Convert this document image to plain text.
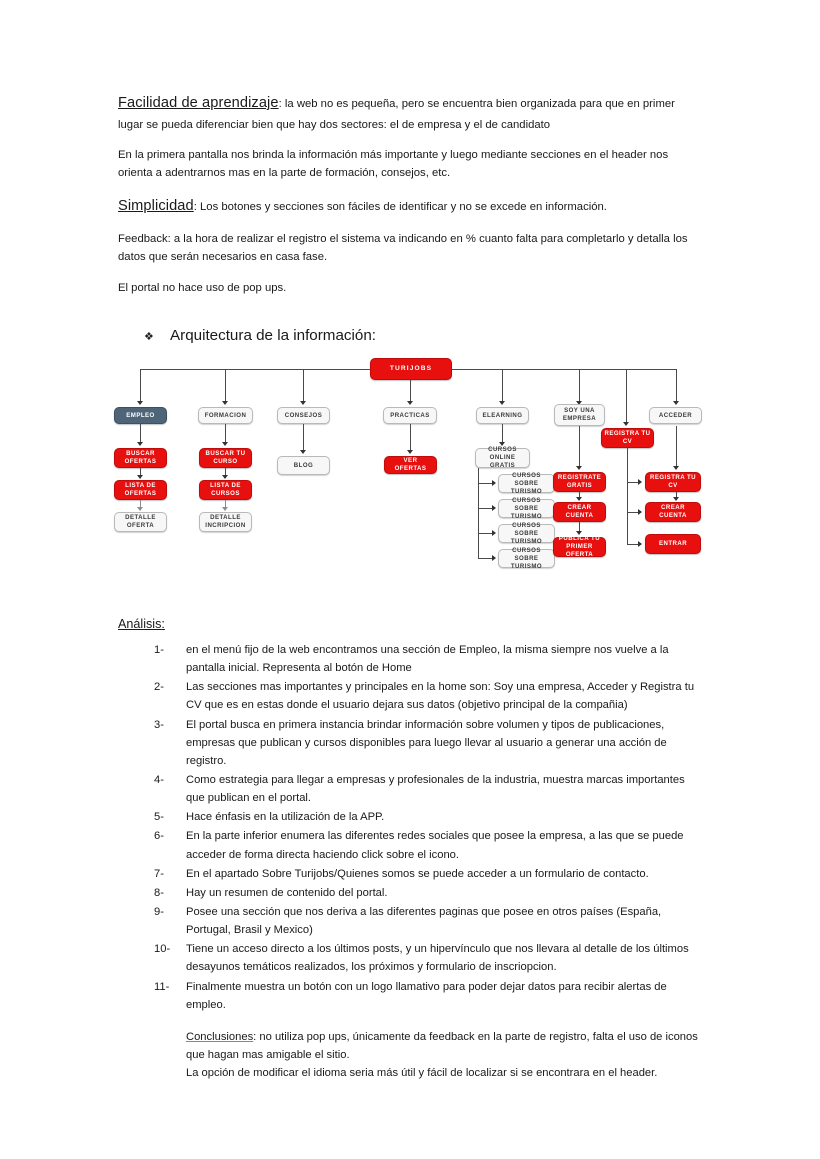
Facilidad de aprendizaje: la web no es pequeña, pero se encuentra bien organizada para que en primer lugar se pueda diferenciar bien que hay dos sectores: el de empresa y el de candidato

En la primera pantalla nos brinda la información más importante y luego mediante secciones en el header nos orienta a adentrarnos mas en la parte de formación, consejos, etc.

Simplicidad: Los botones y secciones son fáciles de identificar y no se excede en información.

Feedback: a la hora de realizar el registro el sistema va indicando en % cuanto falta para completarlo y detalla los datos que serán necesarios en casa fase.

El portal no hace uso de pop ups.

❖	Arquitectura de la información:
TURIJOBS
EMPLEO	FORMACION	CONSEJOS	PRACTICAS	ELEARNING
SOY UNA EMPRESA
ACCEDER
BUSCAR OFERTAS
LISTA DE OFERTAS
DETALLE OFERTA
BUSCAR TU CURSO
LISTA DE CURSOS
DETALLE INCRIPCION
BLOG
VER OFERTAS
CURSOS ONLINE GRATIS
CURSOS SOBRE TURISMO
CURSOS SOBRE TURISMO
CURSOS SOBRE TURISMO
CURSOS SOBRE TURISMO
REGISTRATE GRATIS
CREAR CUENTA
PUBLICA TU PRIMER OFERTA
REGISTRA TU CV
REGISTRA TU CV
CREAR CUENTA
ENTRAR
Análisis:
1-	en el menú fijo de la web encontramos una sección de Empleo, la misma siempre nos vuelve a la pantalla inicial. Representa al botón de Home
2-	Las secciones mas importantes y principales en la home son: Soy una empresa, Acceder y Registra tu CV que es en estas donde el usuario dejara sus datos (objetivo principal de la compañia)
3-	El portal busca en primera instancia brindar información sobre volumen y tipos de publicaciones, empresas que publican y cursos disponibles para luego llevar al usuario a generar una acción de registro.
4-	Como estrategia para llegar a empresas y profesionales de la industria, muestra marcas importantes que publican en el portal.
5-	Hace énfasis en la utilización de la APP.
6-	En la parte inferior enumera las diferentes redes sociales que posee la empresa, a las que se puede acceder de forma directa haciendo click sobre el icono.
7-	En el apartado Sobre Turijobs/Quienes somos se puede acceder a un formulario de contacto.
8-	Hay un resumen de contenido del portal.
9-	Posee una sección que nos deriva a las diferentes paginas que posee en otros países (España, Portugal, Brasil y Mexico)
10-	Tiene un acceso directo a los últimos posts, y un hipervínculo que nos llevara al detalle de los últimos desayunos temáticos realizados, los próximos y formulario de inscriopcion.
11-	Finalmente muestra un botón con un logo llamativo para poder dejar datos para recibir alertas de empleo.
Conclusiones: no utiliza pop ups, únicamente da feedback en la parte de registro, falta el uso de iconos que hagan mas amigable el sitio.
La opción de modificar el idioma seria más útil y fácil de localizar si se encontrara en el header.
